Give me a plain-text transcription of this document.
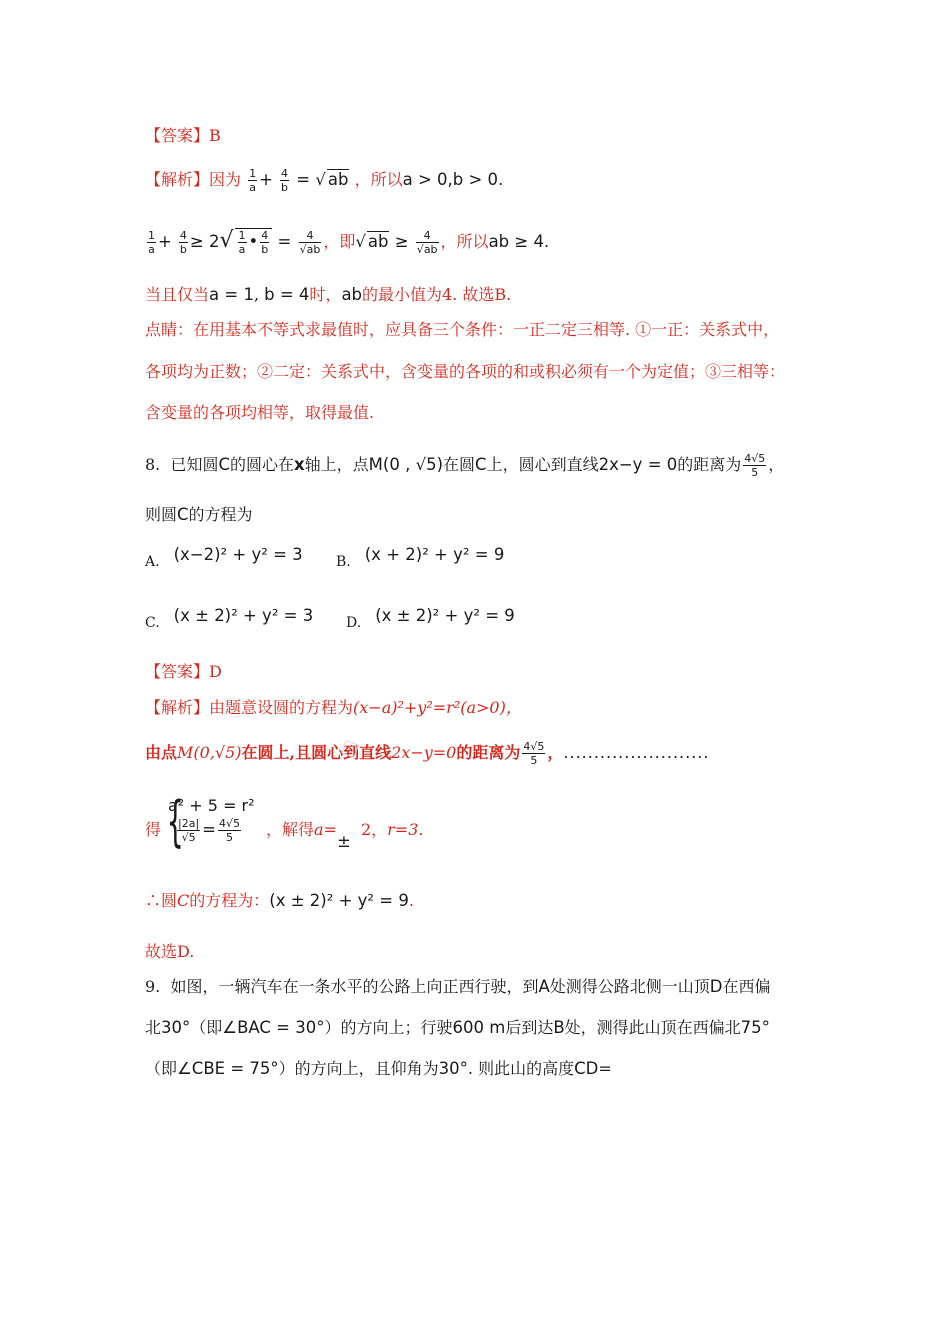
【答案】B
【解析】因为 $\frac{1}{a} + \frac{4}{b}$ = √ ab ，所以a > 0,b > 0.
$\frac{1}{a} + \frac{4}{b} \ge 2√ \frac{1}{a}$ • $\frac{4}{b} = \frac{4}{√ab}$ ，即√ ab ≥ $\frac{4}{√ab}$ ，所以ab ≥ 4.
当且仅当a = 1, b = 4时，ab的最小值为4. 故选B.
点睛：在用基本不等式求最值时，应具备三个条件：一正二定三相等. ①一正：关系式中，
各项均为正数；②二定：关系式中，含变量的各项的和或积必须有一个为定值；③三相等：
含变量的各项均相等，取得最值.
8. 已知圆C的圆心在x轴上，点M(0 , √5)在圆C上，圆心到直线2x−y = 0的距离为 $\frac{4√5}{5}$ ，
则圆C的方程为
A. (x−2)² + y² = 3 B. (x + 2)² + y² = 9
C. (x ± 2)² + y² = 3 D. (x ± 2)² + y² = 9
【答案】D
【解析】由题意设圆的方程为(x−a)²+y²=r²(a>0)，
由点M(0,√5)在圆上,且圆心到直线2x−y=0的距离为 $\frac{4√5}{5}$ ，........................
得 {
a² + 5 = r²
$\frac{|2a|}{√5} = \frac{4√5}{5}$ ，解得a=±  2，r=3.
∴圆C的方程为：(x ± 2)² + y² = 9.
故选D.
9. 如图，一辆汽车在一条水平的公路上向正西行驶，到A处测得公路北侧一山顶D在西偏
北30°（即∠BAC = 30°）的方向上；行驶600 m后到达B处，测得此山顶在西偏北75°
（即∠CBE = 75°）的方向上，且仰角为30°. 则此山的高度CD=
